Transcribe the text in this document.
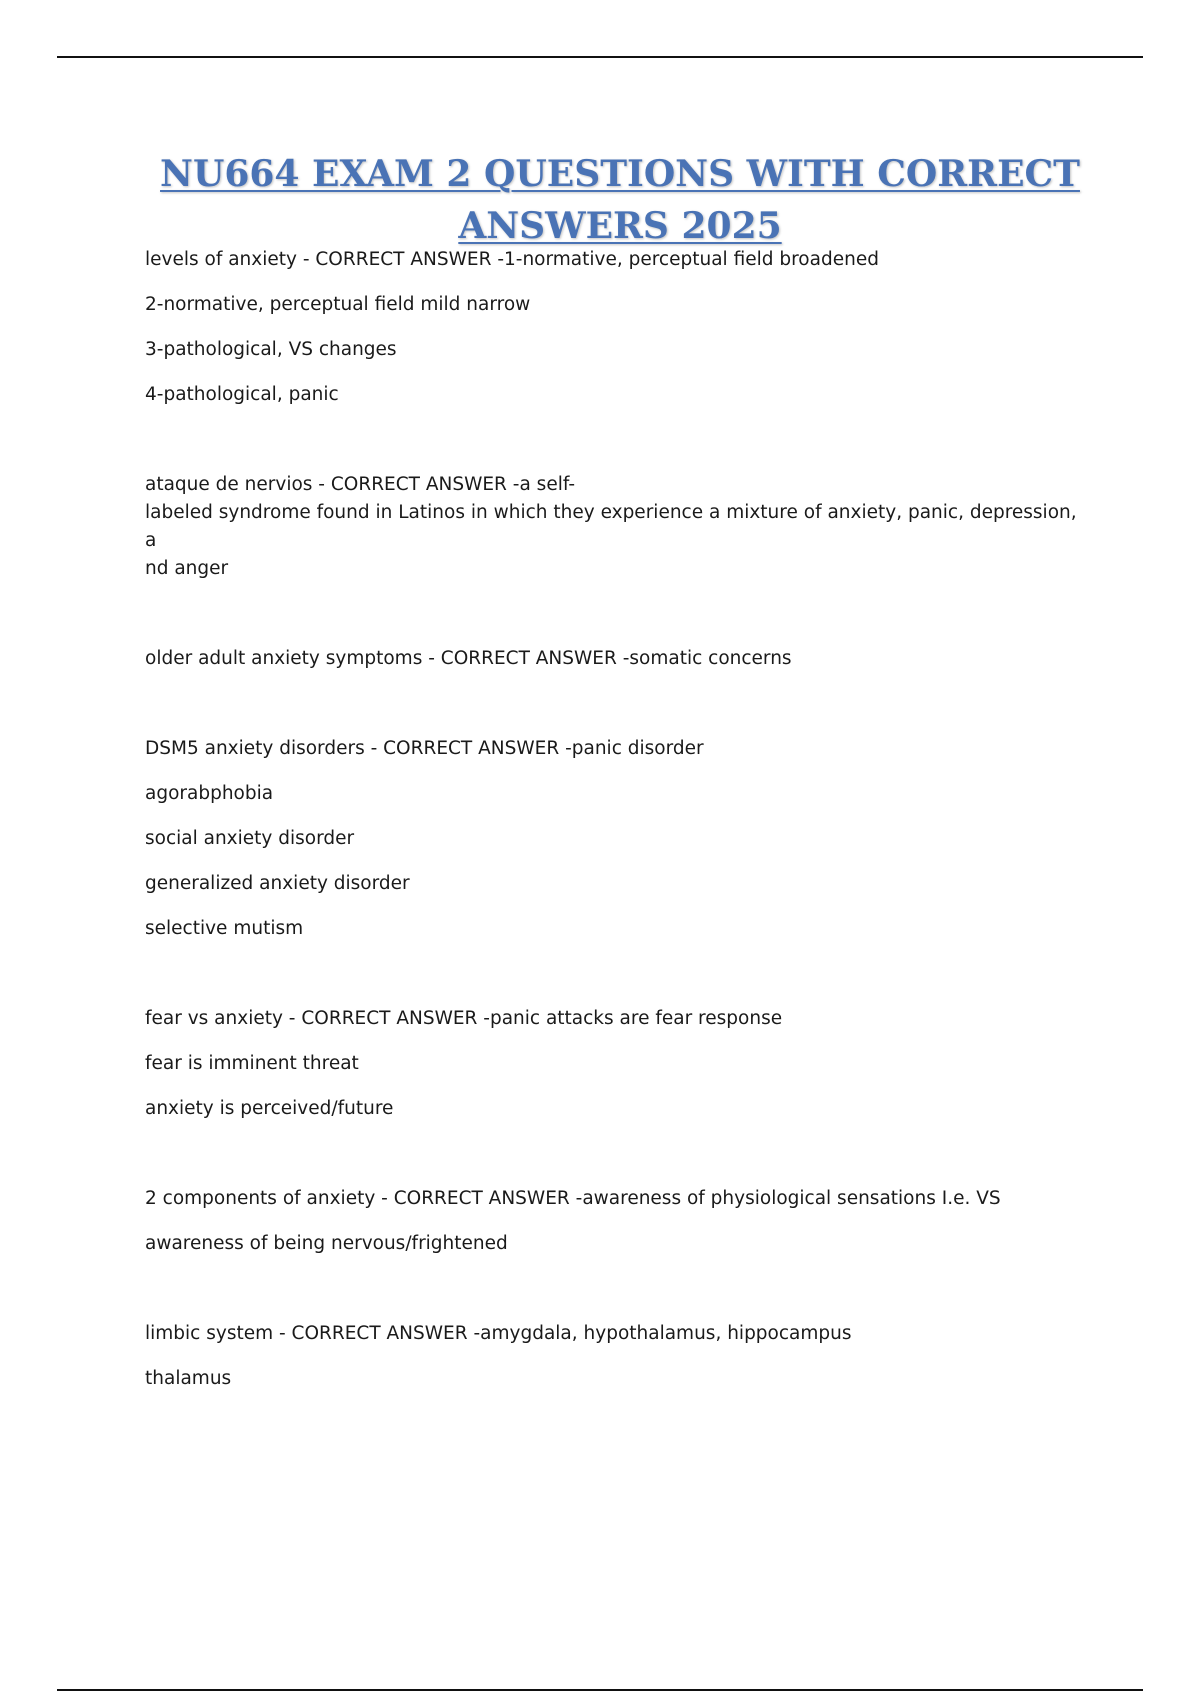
NU664 EXAM 2 QUESTIONS WITH CORRECT ANSWERS 2025

levels of anxiety - CORRECT ANSWER -1-normative, perceptual field broadened

2-normative, perceptual field mild narrow

3-pathological, VS changes

4-pathological, panic

ataque de nervios - CORRECT ANSWER -a self-

labeled syndrome found in Latinos in which they experience a mixture of anxiety, panic, depression, a

nd anger

older adult anxiety symptoms - CORRECT ANSWER -somatic concerns

DSM5 anxiety disorders - CORRECT ANSWER -panic disorder

agorabphobia

social anxiety disorder

generalized anxiety disorder

selective mutism

fear vs anxiety - CORRECT ANSWER -panic attacks are fear response

fear is imminent threat

anxiety is perceived/future

2 components of anxiety - CORRECT ANSWER -awareness of physiological sensations I.e. VS

awareness of being nervous/frightened

limbic system - CORRECT ANSWER -amygdala, hypothalamus, hippocampus

thalamus
